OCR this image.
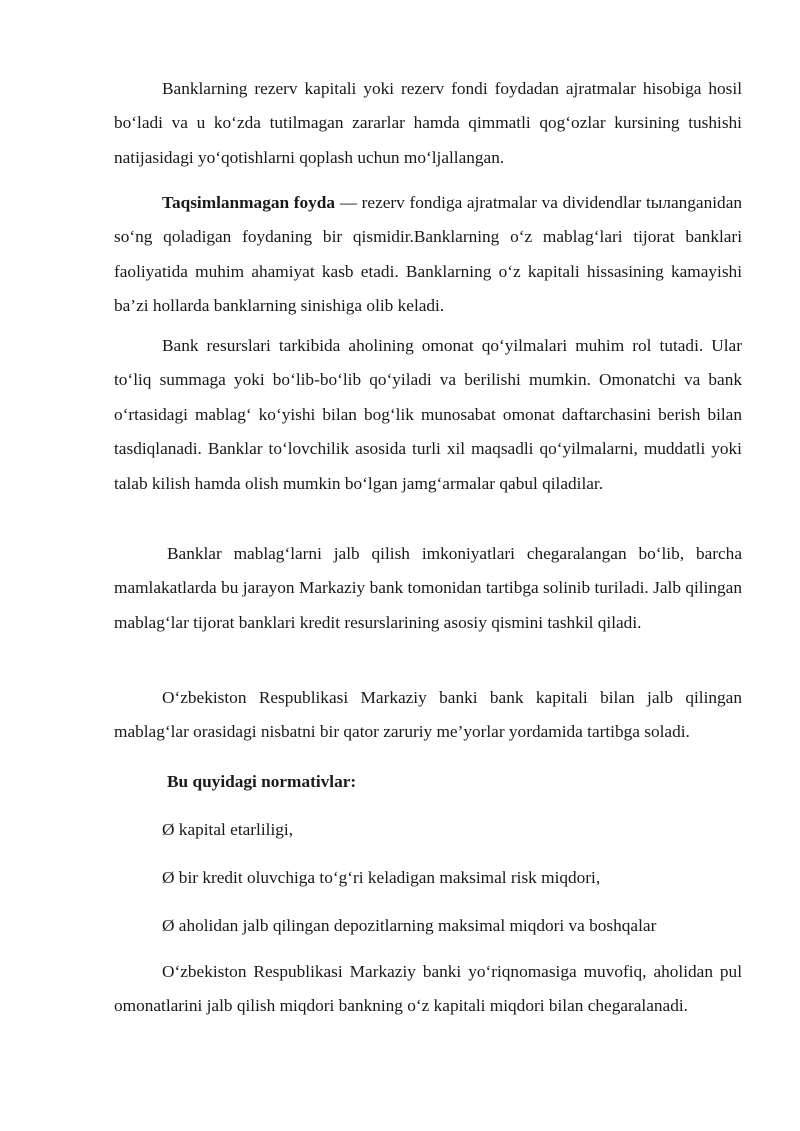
Banklarning rezerv kapitali yoki rezerv fondi foydadan ajratmalar hisobiga hosil bo‘ladi va u ko‘zda tutilmagan zararlar hamda qimmatli qog‘ozlar kursining tushishi natijasidagi yo‘qotishlarni qoplash uchun mo‘ljallangan.

Taqsimlanmagan foyda — rezerv fondiga ajratmalar va dividendlar tылanganidan so‘ng qoladigan foydaning bir qismidir.Banklarning o‘z mablag‘lari tijorat banklari faoliyatida muhim ahamiyat kasb etadi. Banklarning o‘z kapitali hissasining kamayishi ba’zi hollarda banklarning sinishiga olib keladi.

Bank resurslari tarkibida aholining omonat qo‘yilmalari muhim rol tutadi. Ular to‘liq summaga yoki bo‘lib-bo‘lib qo‘yiladi va berilishi mumkin. Omonatchi va bank o‘rtasidagi mablag‘ ko‘yishi bilan bog‘lik munosabat omonat daftarchasini berish bilan tasdiqlanadi. Banklar to‘lovchilik asosida turli xil maqsadli qo‘yilmalarni, muddatli yoki talab kilish hamda olish mumkin bo‘lgan jamg‘armalar qabul qiladilar.

Banklar mablag‘larni jalb qilish imkoniyatlari chegaralangan bo‘lib, barcha mamlakatlarda bu jarayon Markaziy bank tomonidan tartibga solinib turiladi. Jalb qilingan mablag‘lar tijorat banklari kredit resurslarining asosiy qismini tashkil qiladi.

O‘zbekiston Respublikasi Markaziy banki bank kapitali bilan jalb qilingan mablag‘lar orasidagi nisbatni bir qator zaruriy me’yorlar yordamida tartibga soladi.

Bu quyidagi normativlar:

Ø kapital etarliligi,

Ø bir kredit oluvchiga to‘g‘ri keladigan maksimal risk miqdori,

Ø aholidan jalb qilingan depozitlarning maksimal miqdori va boshqalar

O‘zbekiston Respublikasi Markaziy banki yo‘riqnomasiga muvofiq, aholidan pul omonatlarini jalb qilish miqdori bankning o‘z kapitali miqdori bilan chegaralanadi.
